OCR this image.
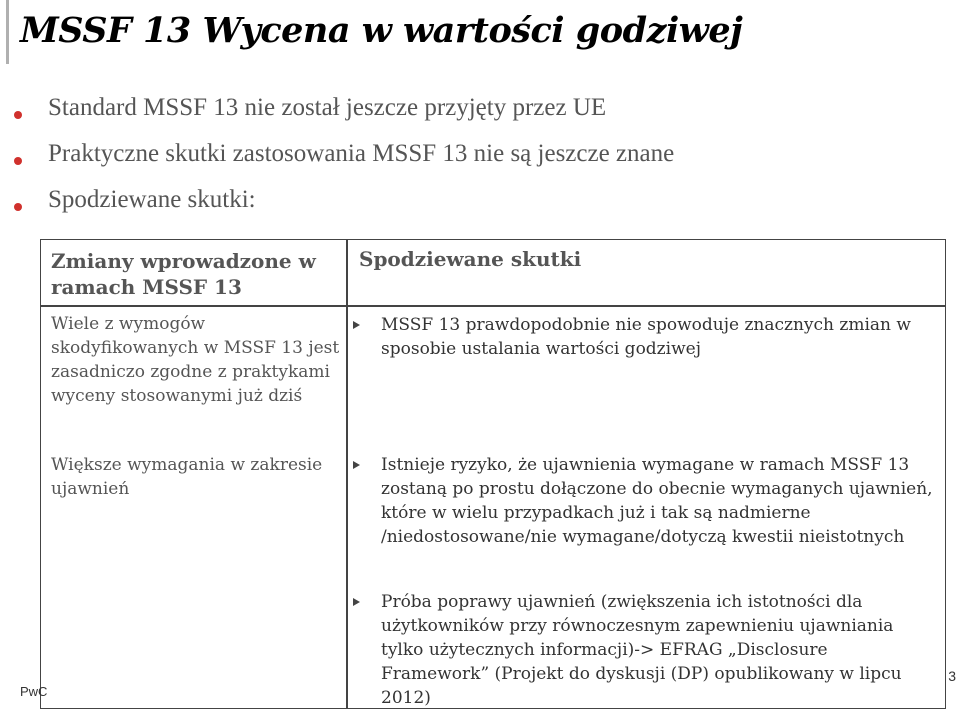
MSSF 13 Wycena w wartości godziwej
Standard MSSF 13 nie został jeszcze przyjęty przez UE
Praktyczne skutki zastosowania MSSF 13 nie są jeszcze znane
Spodziewane skutki:
Zmiany wprowadzone w ramach MSSF 13
Spodziewane skutki
Wiele z wymogów skodyfikowanych w MSSF 13 jest zasadniczo zgodne z praktykami wyceny stosowanymi już dziś
Większe wymagania w zakresie ujawnień
MSSF 13 prawdopodobnie nie spowoduje znacznych zmian w sposobie ustalania wartości godziwej
Istnieje ryzyko, że ujawnienia wymagane w ramach MSSF 13 zostaną po prostu dołączone do obecnie wymaganych ujawnień, które w wielu przypadkach już i tak są nadmierne /niedostosowane/nie wymagane/dotyczą kwestii nieistotnych
Próba poprawy ujawnień (zwiększenia ich istotności dla użytkowników przy równoczesnym zapewnieniu ujawniania tylko użytecznych informacji)-> EFRAG „Disclosure Framework” (Projekt do dyskusji (DP) opublikowany w lipcu 2012)
PwC
3
